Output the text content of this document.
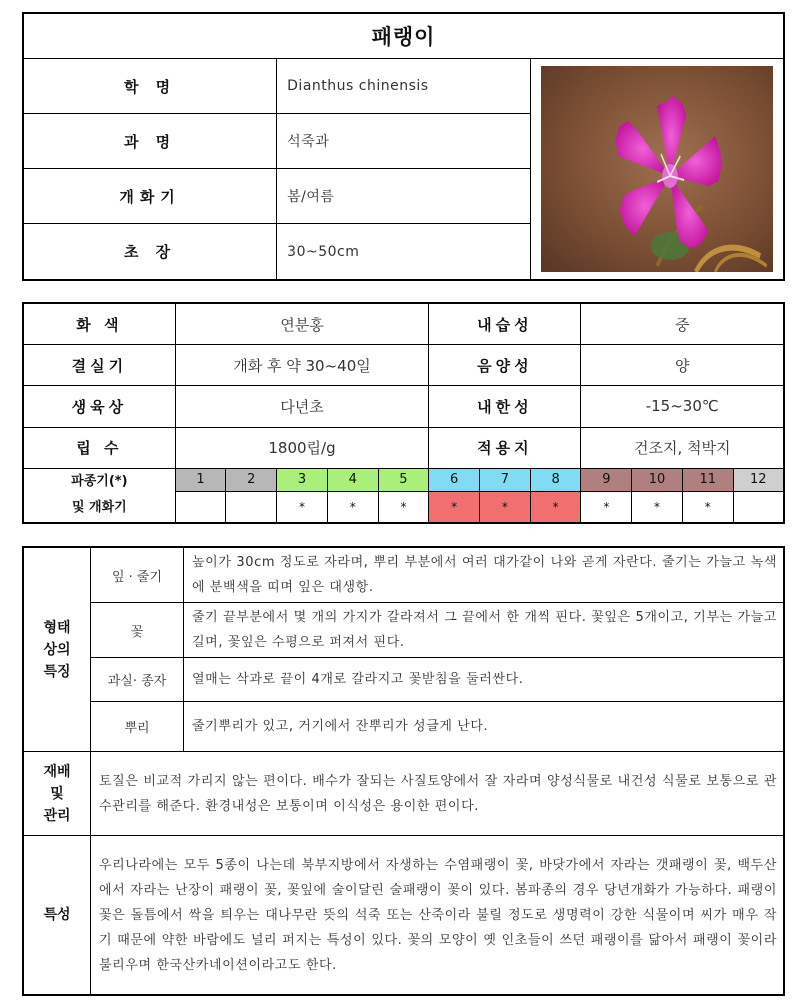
패랭이		
학 명	Dianthus chinensis	

과 명	석죽과	
개화기	봄/여름	
초 장	30~50cm	
화 색	연분홍					내습성			중			
결실기	개화 후 약 30~40일					음양성			양			
생육상	다년초					내한성			-15~30℃			
립 수	1800립/g					적용지			건조지, 척박지			

파종기(*)
및 개화기	1	2	3	4	5	6	7	8	9	10	11	12
			*	*	*	*	*	*	*	*	*	
형태
상의
특징	잎 · 줄기	높이가 30cm 정도로 자라며, 뿌리 부분에서 여러 대가같이 나와 곧게 자란다. 줄기는 가늘고 녹색에 분백색을 띠며 잎은 대생항.
	꽃	줄기 끝부분에서 몇 개의 가지가 갈라져서 그 끝에서 한 개씩 핀다. 꽃잎은 5개이고, 기부는 가늘고 길며, 꽃잎은 수평으로 퍼져서 핀다.
	과실· 종자	열매는 삭과로 끝이 4개로 갈라지고 꽃받침을 둘러싼다.
	뿌리	줄기뿌리가 있고, 거기에서 잔뿌리가 성글게 난다.
재배
및
관리	토질은 비교적 가리지 않는 편이다. 배수가 잘되는 사질토양에서 잘 자라며 양성식물로 내건성 식물로 보통으로 관수관리를 해준다. 환경내성은 보통이며 이식성은 용이한 편이다.	
특성	우리나라에는 모두 5종이 나는데 북부지방에서 자생하는 수염패랭이 꽃, 바닷가에서 자라는 갯패랭이 꽃, 백두산에서 자라는 난장이 패랭이 꽃, 꽃잎에 술이달린 술패랭이 꽃이 있다. 봄파종의 경우 당년개화가 가능하다. 패랭이 꽃은 돌틈에서 싹을 틔우는 대나무란 뜻의 석죽 또는 산죽이라 불릴 정도로 생명력이 강한 식물이며 씨가 매우 작기 때문에 약한 바람에도 널리 퍼지는 특성이 있다. 꽃의 모양이 옛 인초들이 쓰던 패랭이를 닮아서 패랭이 꽃이라 불리우며 한국산카네이션이라고도 한다.	
